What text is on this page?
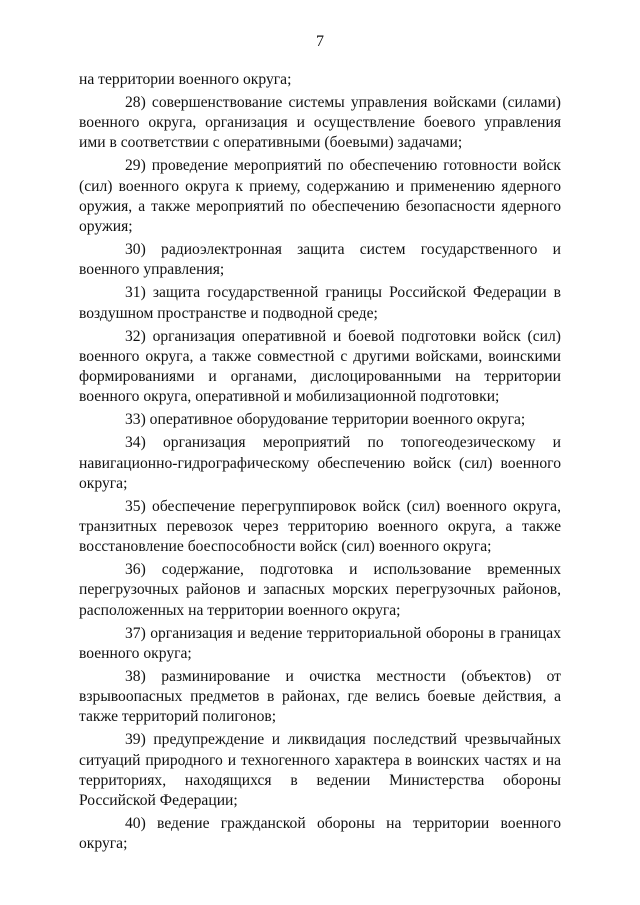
7

на территории военного округа;

28) совершенствование системы управления войсками (силами) военного округа, организация и осуществление боевого управления ими в соответствии с оперативными (боевыми) задачами;

29) проведение мероприятий по обеспечению готовности войск (сил) военного округа к приему, содержанию и применению ядерного оружия, а также мероприятий по обеспечению безопасности ядерного оружия;

30) радиоэлектронная защита систем государственного и военного управления;

31) защита государственной границы Российской Федерации в воздушном пространстве и подводной среде;

32) организация оперативной и боевой подготовки войск (сил) военного округа, а также совместной с другими войсками, воинскими формированиями и органами, дислоцированными на территории военного округа, оперативной и мобилизационной подготовки;

33) оперативное оборудование территории военного округа;

34) организация мероприятий по топогеодезическому и навигационно-гидрографическому обеспечению войск (сил) военного округа;

35) обеспечение перегруппировок войск (сил) военного округа, транзитных перевозок через территорию военного округа, а также восстановление боеспособности войск (сил) военного округа;

36) содержание, подготовка и использование временных перегрузочных районов и запасных морских перегрузочных районов, расположенных на территории военного округа;

37) организация и ведение территориальной обороны в границах военного округа;

38) разминирование и очистка местности (объектов) от взрывоопасных предметов в районах, где велись боевые действия, а также территорий полигонов;

39) предупреждение и ликвидация последствий чрезвычайных ситуаций природного и техногенного характера в воинских частях и на территориях, находящихся в ведении Министерства обороны Российской Федерации;

40) ведение гражданской обороны на территории военного округа;
